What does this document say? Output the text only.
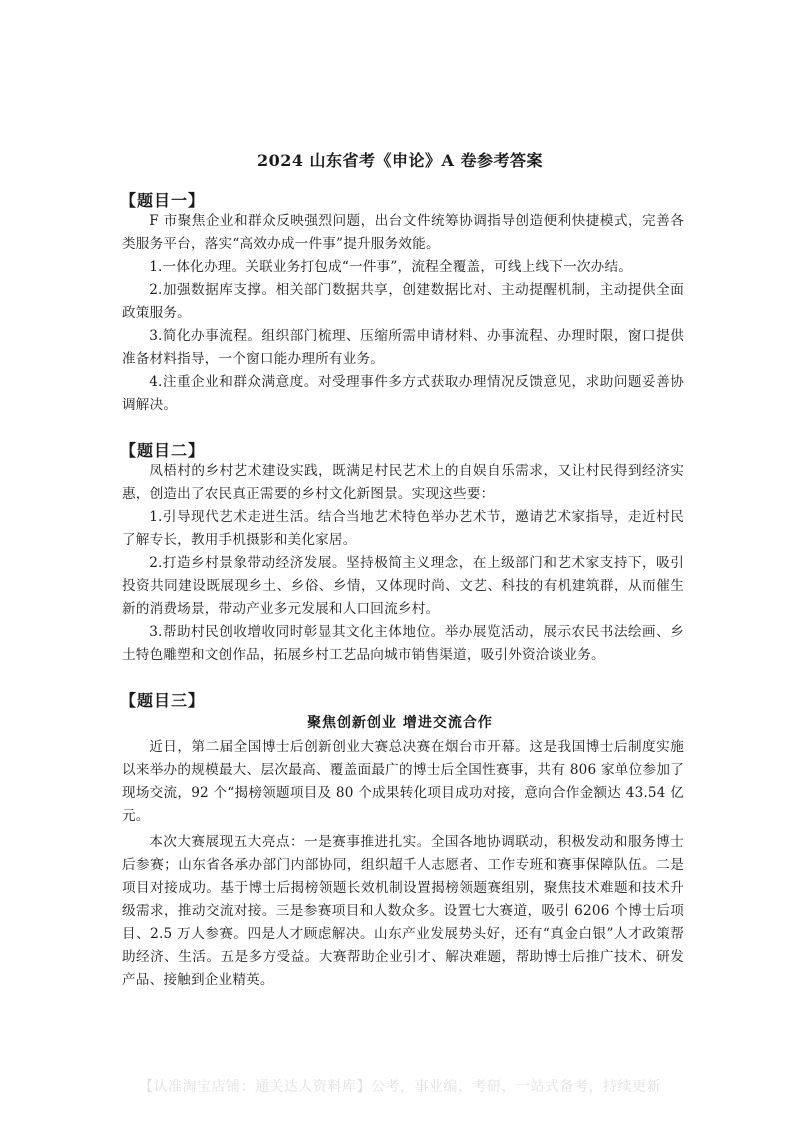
2024 山东省考《申论》A 卷参考答案
【题目一】
F 市聚焦企业和群众反映强烈问题，出台文件统筹协调指导创造便利快捷模式，完善各类服务平台，落实“高效办成一件事”提升服务效能。
1.一体化办理。关联业务打包成“一件事”，流程全覆盖，可线上线下一次办结。
2.加强数据库支撑。相关部门数据共享，创建数据比对、主动提醒机制，主动提供全面政策服务。
3.简化办事流程。组织部门梳理、压缩所需申请材料、办事流程、办理时限，窗口提供准备材料指导，一个窗口能办理所有业务。
4.注重企业和群众满意度。对受理事件多方式获取办理情况反馈意见，求助问题妥善协调解决。
【题目二】
凤梧村的乡村艺术建设实践，既满足村民艺术上的自娱自乐需求，又让村民得到经济实惠，创造出了农民真正需要的乡村文化新图景。实现这些要：
1.引导现代艺术走进生活。结合当地艺术特色举办艺术节，邀请艺术家指导，走近村民了解专长，教用手机摄影和美化家居。
2.打造乡村景象带动经济发展。坚持极简主义理念，在上级部门和艺术家支持下，吸引投资共同建设既展现乡土、乡俗、乡情，又体现时尚、文艺、科技的有机建筑群，从而催生新的消费场景，带动产业多元发展和人口回流乡村。
3.帮助村民创收增收同时彰显其文化主体地位。举办展览活动，展示农民书法绘画、乡土特色雕塑和文创作品，拓展乡村工艺品向城市销售渠道，吸引外资洽谈业务。
【题目三】
聚焦创新创业 增进交流合作
近日，第二届全国博士后创新创业大赛总决赛在烟台市开幕。这是我国博士后制度实施以来举办的规模最大、层次最高、覆盖面最广的博士后全国性赛事，共有 806 家单位参加了现场交流，92 个“揭榜领题项目及 80 个成果转化项目成功对接，意向合作金额达 43.54 亿元。
本次大赛展现五大亮点：一是赛事推进扎实。全国各地协调联动，积极发动和服务博士后参赛；山东省各承办部门内部协同，组织超千人志愿者、工作专班和赛事保障队伍。二是项目对接成功。基于博士后揭榜领题长效机制设置揭榜领题赛组别，聚焦技术难题和技术升级需求，推动交流对接。三是参赛项目和人数众多。设置七大赛道，吸引 6206 个博士后项目、2.5 万人参赛。四是人才顾虑解决。山东产业发展势头好，还有“真金白银”人才政策帮助经济、生活。五是多方受益。大赛帮助企业引才、解决难题，帮助博士后推广技术、研发产品、接触到企业精英。
【认准淘宝店铺：通关达人资料库】公考，事业编，考研，一站式备考，持续更新
